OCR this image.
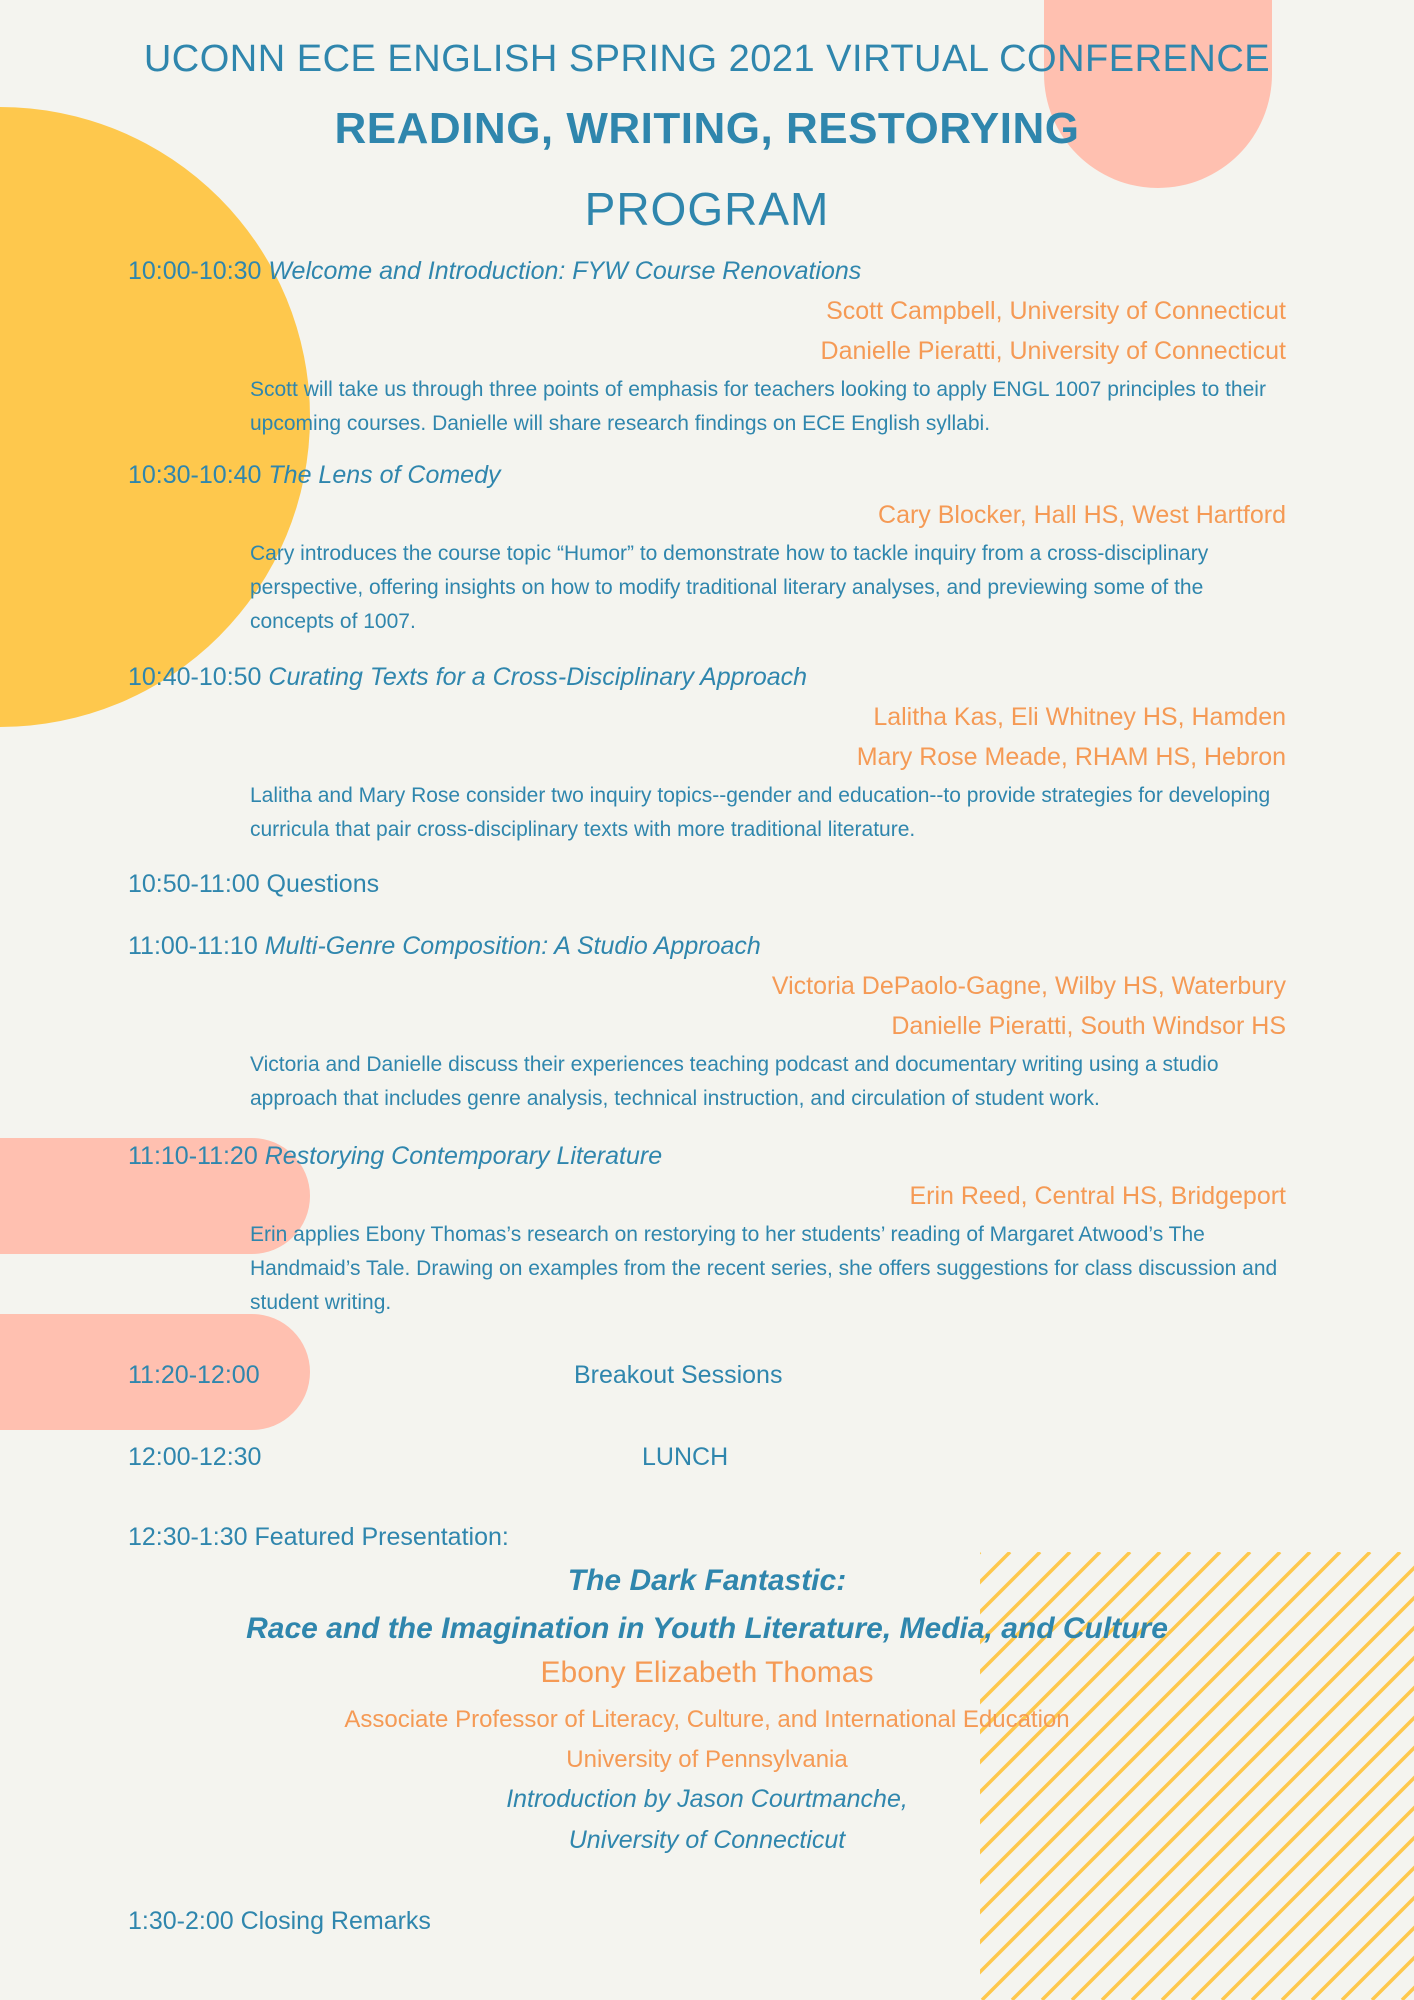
UCONN ECE ENGLISH SPRING 2021 VIRTUAL CONFERENCE
READING, WRITING, RESTORYING
PROGRAM
10:00-10:30 Welcome and Introduction: FYW Course Renovations
Scott Campbell, University of Connecticut
Danielle Pieratti, University of Connecticut
Scott will take us through three points of emphasis for teachers looking to apply ENGL 1007 principles to their upcoming courses. Danielle will share research findings on ECE English syllabi.
10:30-10:40 The Lens of Comedy
Cary Blocker, Hall HS, West Hartford
Cary introduces the course topic “Humor” to demonstrate how to tackle inquiry from a cross-disciplinary perspective, offering insights on how to modify traditional literary analyses, and previewing some of the concepts of 1007.
10:40-10:50 Curating Texts for a Cross-Disciplinary Approach
Lalitha Kas, Eli Whitney HS, Hamden
Mary Rose Meade, RHAM HS, Hebron
Lalitha and Mary Rose consider two inquiry topics--gender and education--to provide strategies for developing curricula that pair cross-disciplinary texts with more traditional literature.
10:50-11:00 Questions
11:00-11:10 Multi-Genre Composition: A Studio Approach
Victoria DePaolo-Gagne, Wilby HS, Waterbury
Danielle Pieratti, South Windsor HS
Victoria and Danielle discuss their experiences teaching podcast and documentary writing using a studio approach that includes genre analysis, technical instruction, and circulation of student work.
11:10-11:20 Restorying Contemporary Literature
Erin Reed, Central HS, Bridgeport
Erin applies Ebony Thomas’s research on restorying to her students’ reading of Margaret Atwood’s The Handmaid’s Tale. Drawing on examples from the recent series, she offers suggestions for class discussion and student writing.
11:20-12:00	Breakout Sessions
12:00-12:30	LUNCH
12:30-1:30 Featured Presentation:
The Dark Fantastic:
Race and the Imagination in Youth Literature, Media, and Culture
Ebony Elizabeth Thomas
Associate Professor of Literacy, Culture, and International Education
University of Pennsylvania
Introduction by Jason Courtmanche,
University of Connecticut
1:30-2:00 Closing Remarks
